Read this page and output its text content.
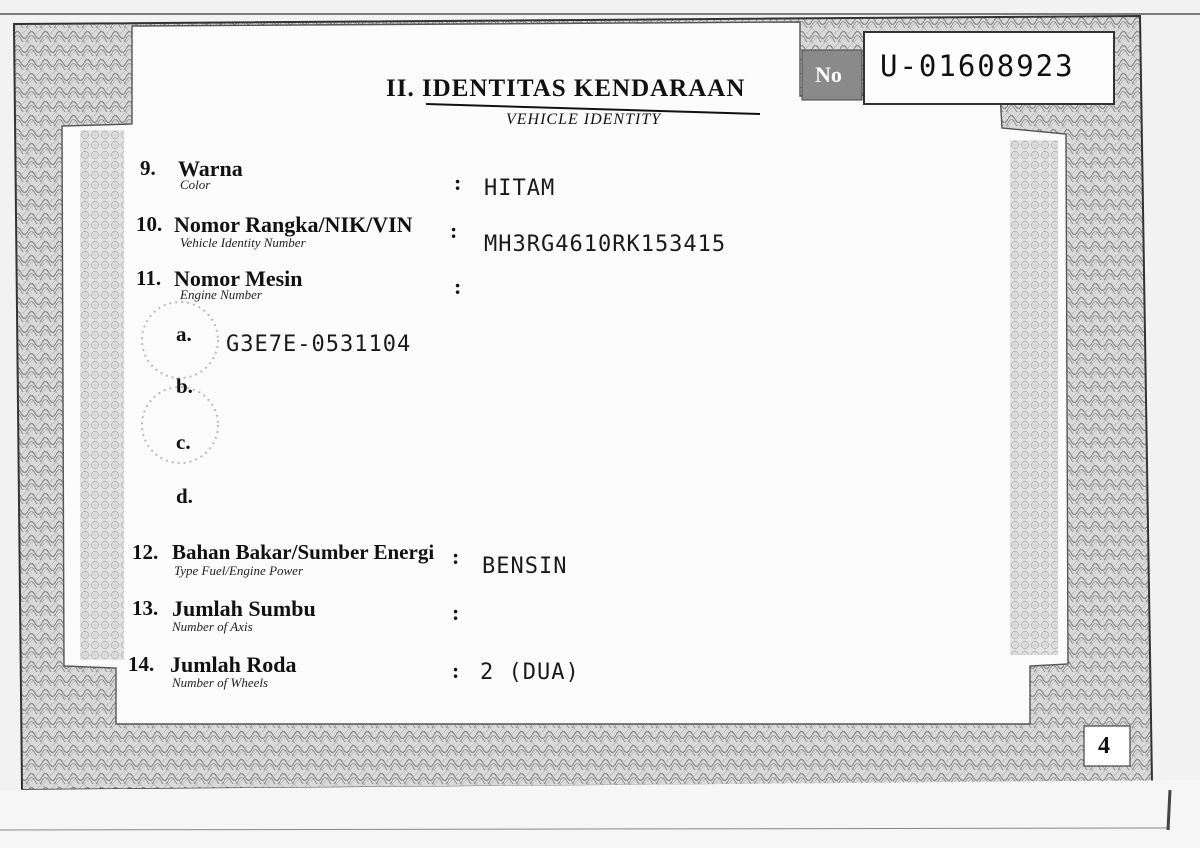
II. IDENTITAS KENDARAAN
VEHICLE IDENTITY
No U-01608923
9. Warna
Color	: HITAM
10. Nomor Rangka/NIK/VIN
Vehicle Identity Number	:
MH3RG4610RK153415
11. Nomor Mesin
Engine Number	:
a. G3E7E-0531104
b.
c.
d.
12. Bahan Bakar/Sumber Energi
Type Fuel/Engine Power
: BENSIN
13. Jumlah Sumbu
Number of Axis
:
14. Jumlah Roda
Number of Wheels	: 2 (DUA)
4
